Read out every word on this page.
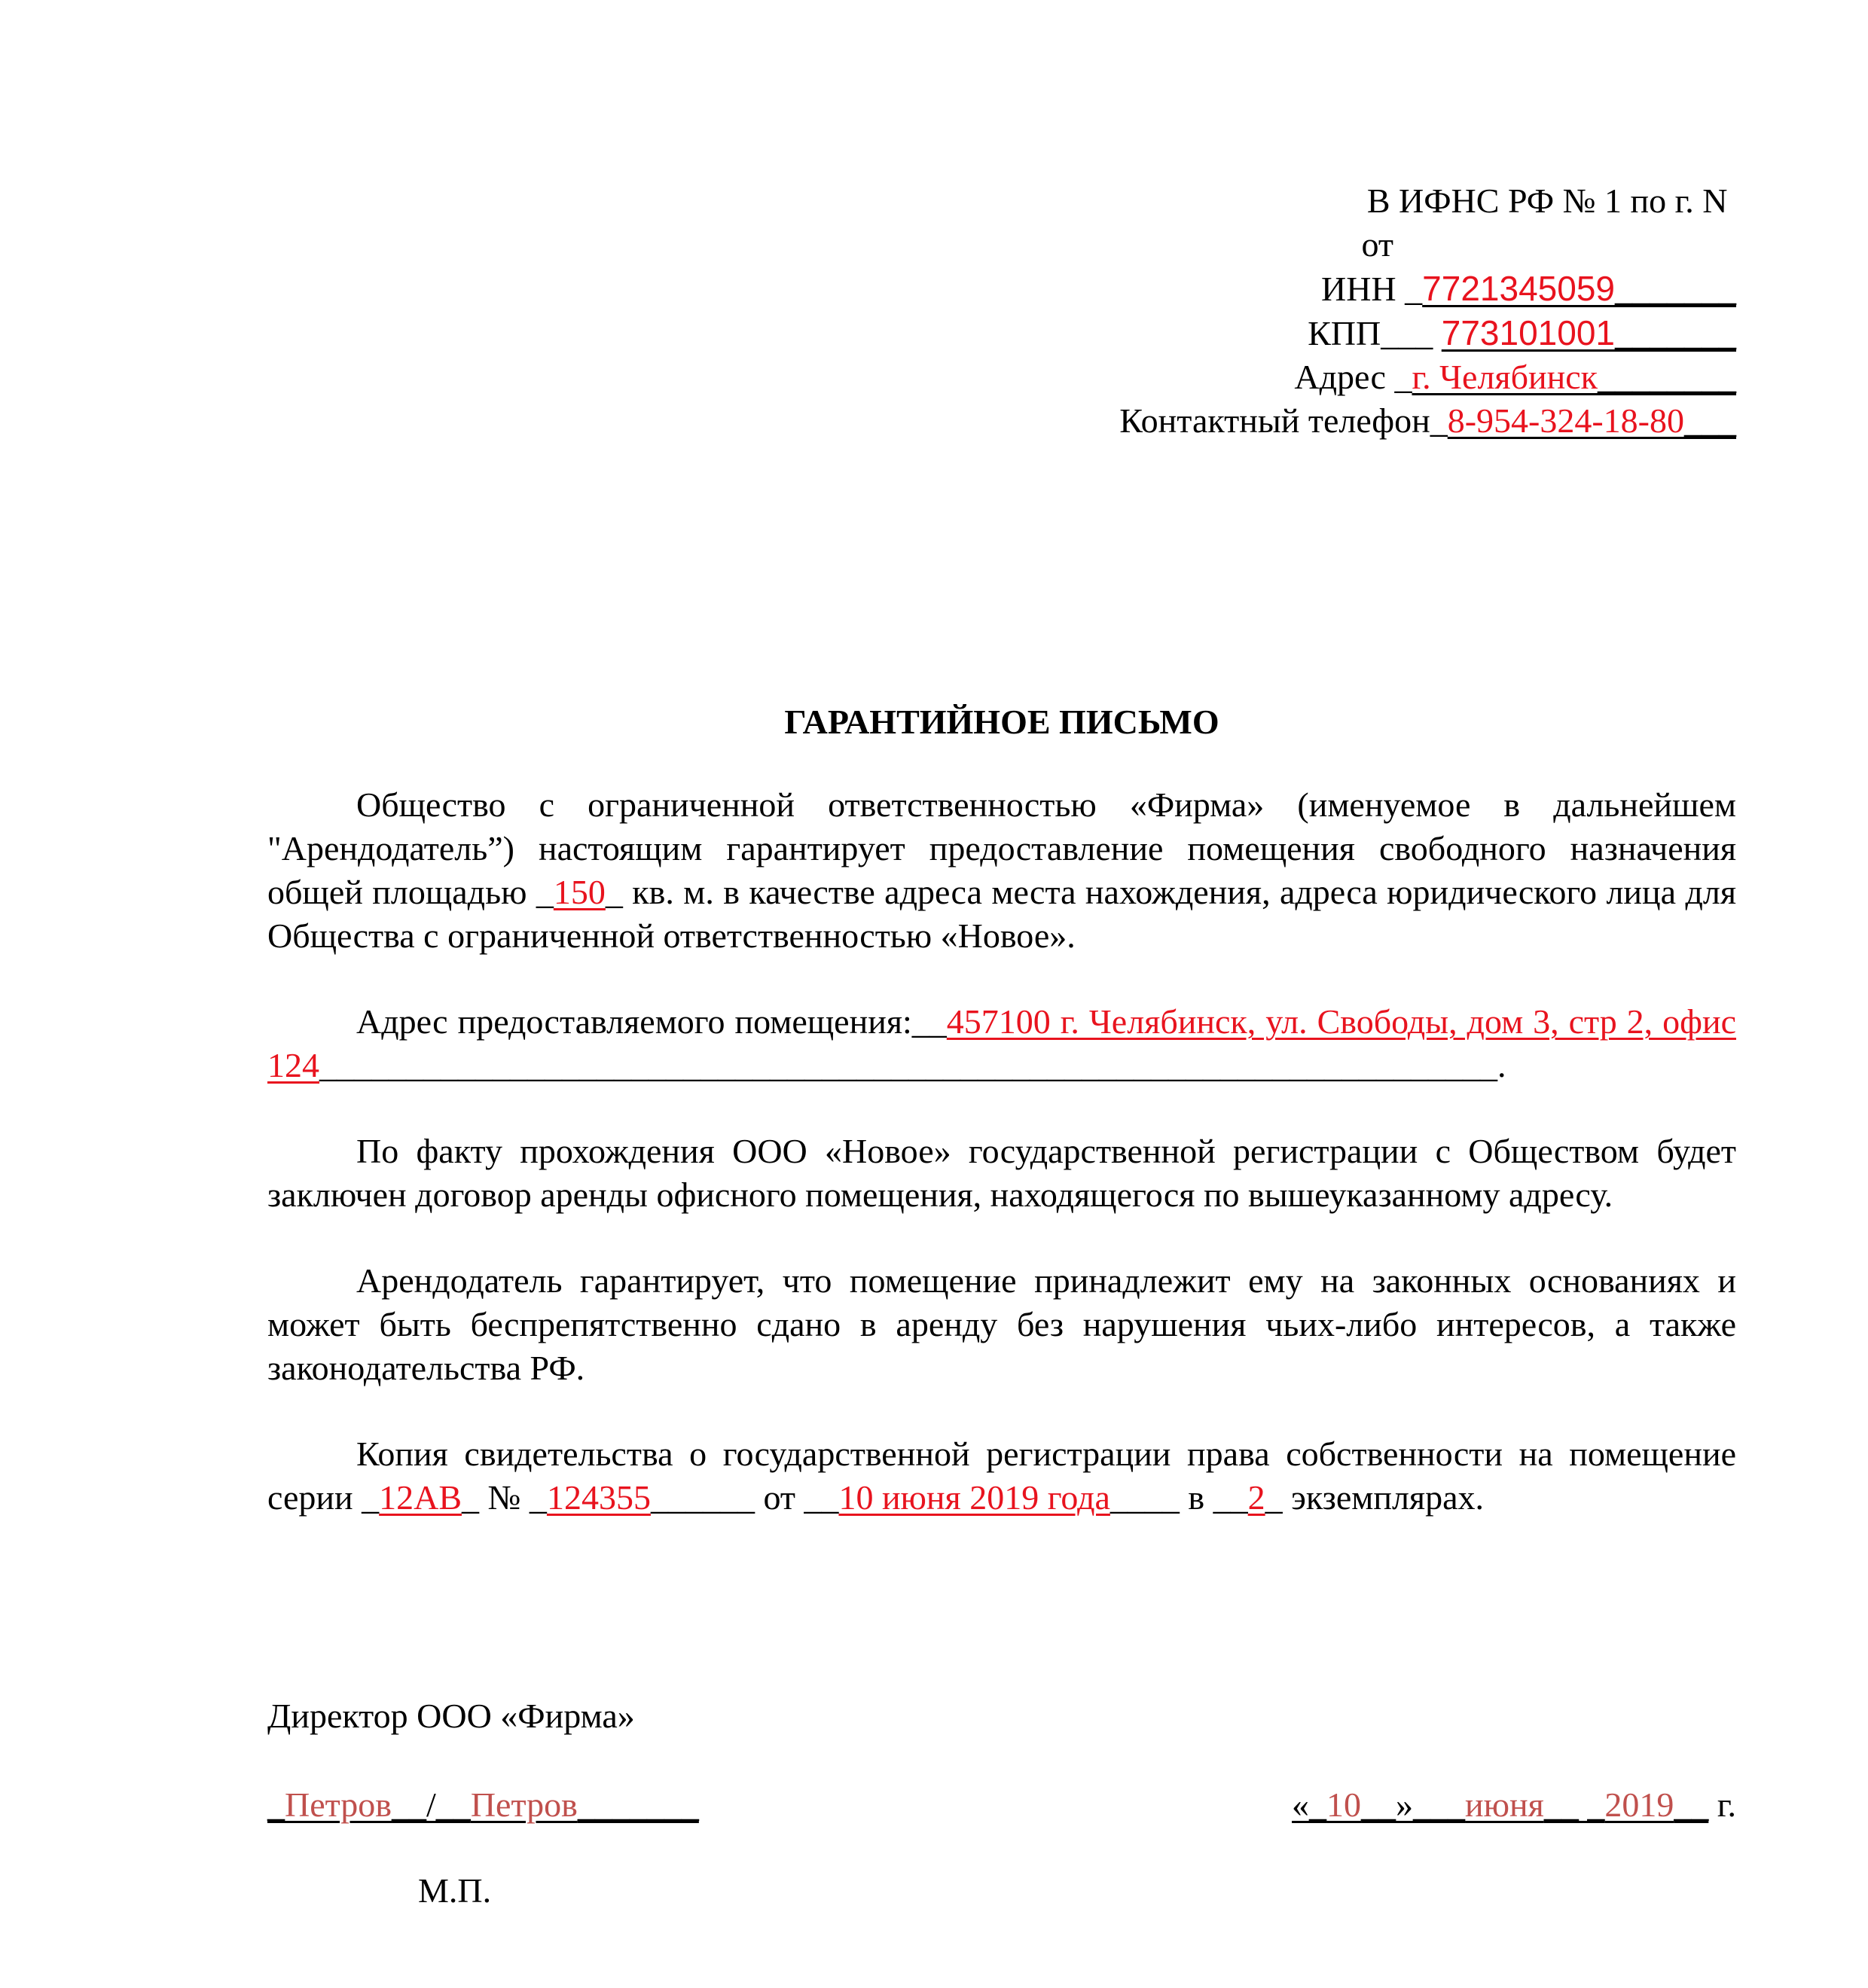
В ИФНС РФ № 1 по г. N
от
ИНН _7721345059_______
КПП___ 773101001_______
Адрес _г. Челябинск________
Контактный телефон_8-954-324-18-80___
ГАРАНТИЙНОЕ ПИСЬМО

Общество с ограниченной ответственностью «Фирма» (именуемое в дальнейшем "Арендодатель”) настоящим гарантирует предоставление помещения свободного назначения общей площадью _150_ кв. м. в качестве адреса места нахождения, адреса юридического лица для Общества с ограниченной ответственностью «Новое».

Адрес предоставляемого помещения:__457100 г. Челябинск, ул. Свободы, дом 3, стр 2, офис 124____________________________________________________________________.

По факту прохождения ООО «Новое» государственной регистрации с Обществом будет заключен договор аренды офисного помещения, находящегося по вышеуказанному адресу.

Арендодатель гарантирует, что помещение принадлежит ему на законных основаниях и может быть беспрепятственно сдано в аренду без нарушения чьих-либо интересов, а также законодательства РФ.

Копия свидетельства о государственной регистрации права собственности на помещение серии _12АВ_ № _124355______ от __10 июня 2019 года____ в __2_ экземплярах.

Директор ООО «Фирма»
_Петров__/__Петров_______	«_10__»___июня__ _2019__ г.
М.П.
